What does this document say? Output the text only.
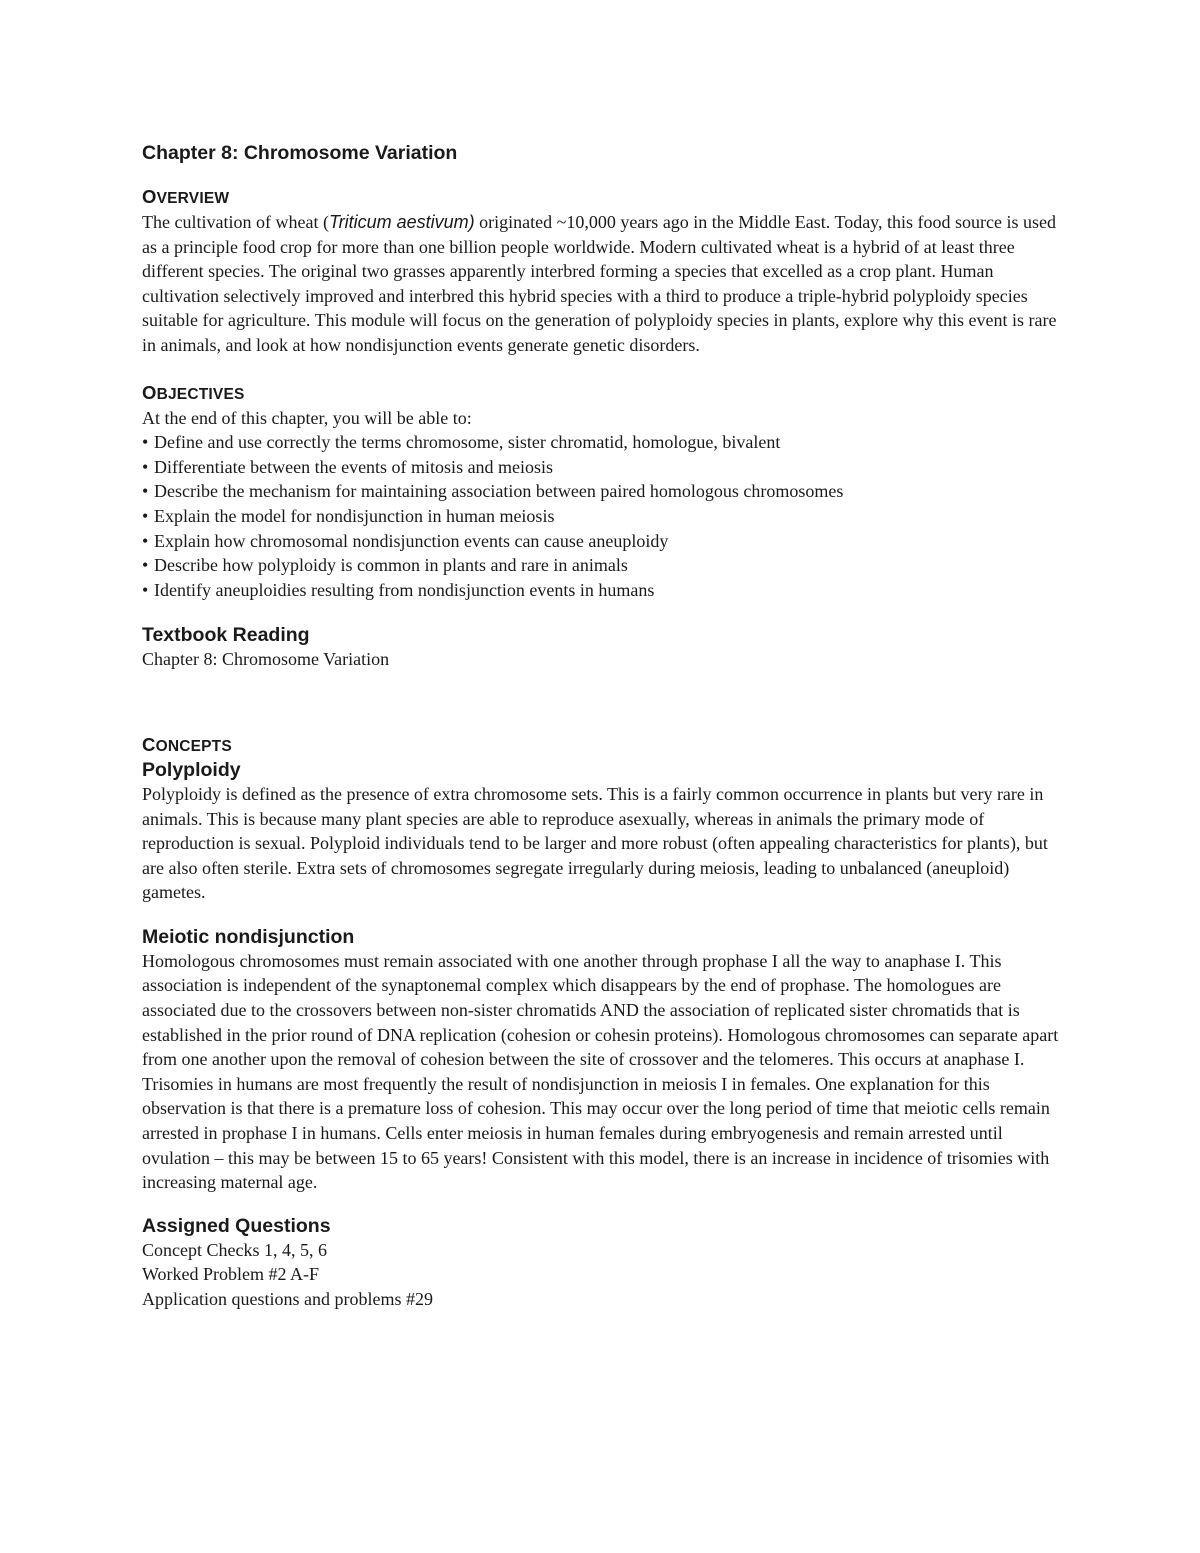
Chapter 8: Chromosome Variation
OVERVIEW

The cultivation of wheat (Triticum aestivum) originated ~10,000 years ago in the Middle East. Today, this food source is used as a principle food crop for more than one billion people worldwide. Modern cultivated wheat is a hybrid of at least three different species. The original two grasses apparently interbred forming a species that excelled as a crop plant. Human cultivation selectively improved and interbred this hybrid species with a third to produce a triple-hybrid polyploidy species suitable for agriculture. This module will focus on the generation of polyploidy species in plants, explore why this event is rare in animals, and look at how nondisjunction events generate genetic disorders.

OBJECTIVES

At the end of this chapter, you will be able to:

• Define and use correctly the terms chromosome, sister chromatid, homologue, bivalent
• Differentiate between the events of mitosis and meiosis
• Describe the mechanism for maintaining association between paired homologous chromosomes
• Explain the model for nondisjunction in human meiosis
• Explain how chromosomal nondisjunction events can cause aneuploidy
• Describe how polyploidy is common in plants and rare in animals
• Identify aneuploidies resulting from nondisjunction events in humans
Textbook Reading

Chapter 8: Chromosome Variation

CONCEPTS
Polyploidy

Polyploidy is defined as the presence of extra chromosome sets. This is a fairly common occurrence in plants but very rare in animals. This is because many plant species are able to reproduce asexually, whereas in animals the primary mode of reproduction is sexual. Polyploid individuals tend to be larger and more robust (often appealing characteristics for plants), but are also often sterile. Extra sets of chromosomes segregate irregularly during meiosis, leading to unbalanced (aneuploid) gametes.

Meiotic nondisjunction

Homologous chromosomes must remain associated with one another through prophase I all the way to anaphase I. This association is independent of the synaptonemal complex which disappears by the end of prophase. The homologues are associated due to the crossovers between non-sister chromatids AND the association of replicated sister chromatids that is established in the prior round of DNA replication (cohesion or cohesin proteins). Homologous chromosomes can separate apart from one another upon the removal of cohesion between the site of crossover and the telomeres. This occurs at anaphase I. Trisomies in humans are most frequently the result of nondisjunction in meiosis I in females. One explanation for this observation is that there is a premature loss of cohesion. This may occur over the long period of time that meiotic cells remain arrested in prophase I in humans. Cells enter meiosis in human females during embryogenesis and remain arrested until ovulation – this may be between 15 to 65 years! Consistent with this model, there is an increase in incidence of trisomies with increasing maternal age.

Assigned Questions

Concept Checks 1, 4, 5, 6

Worked Problem #2 A-F

Application questions and problems #29
